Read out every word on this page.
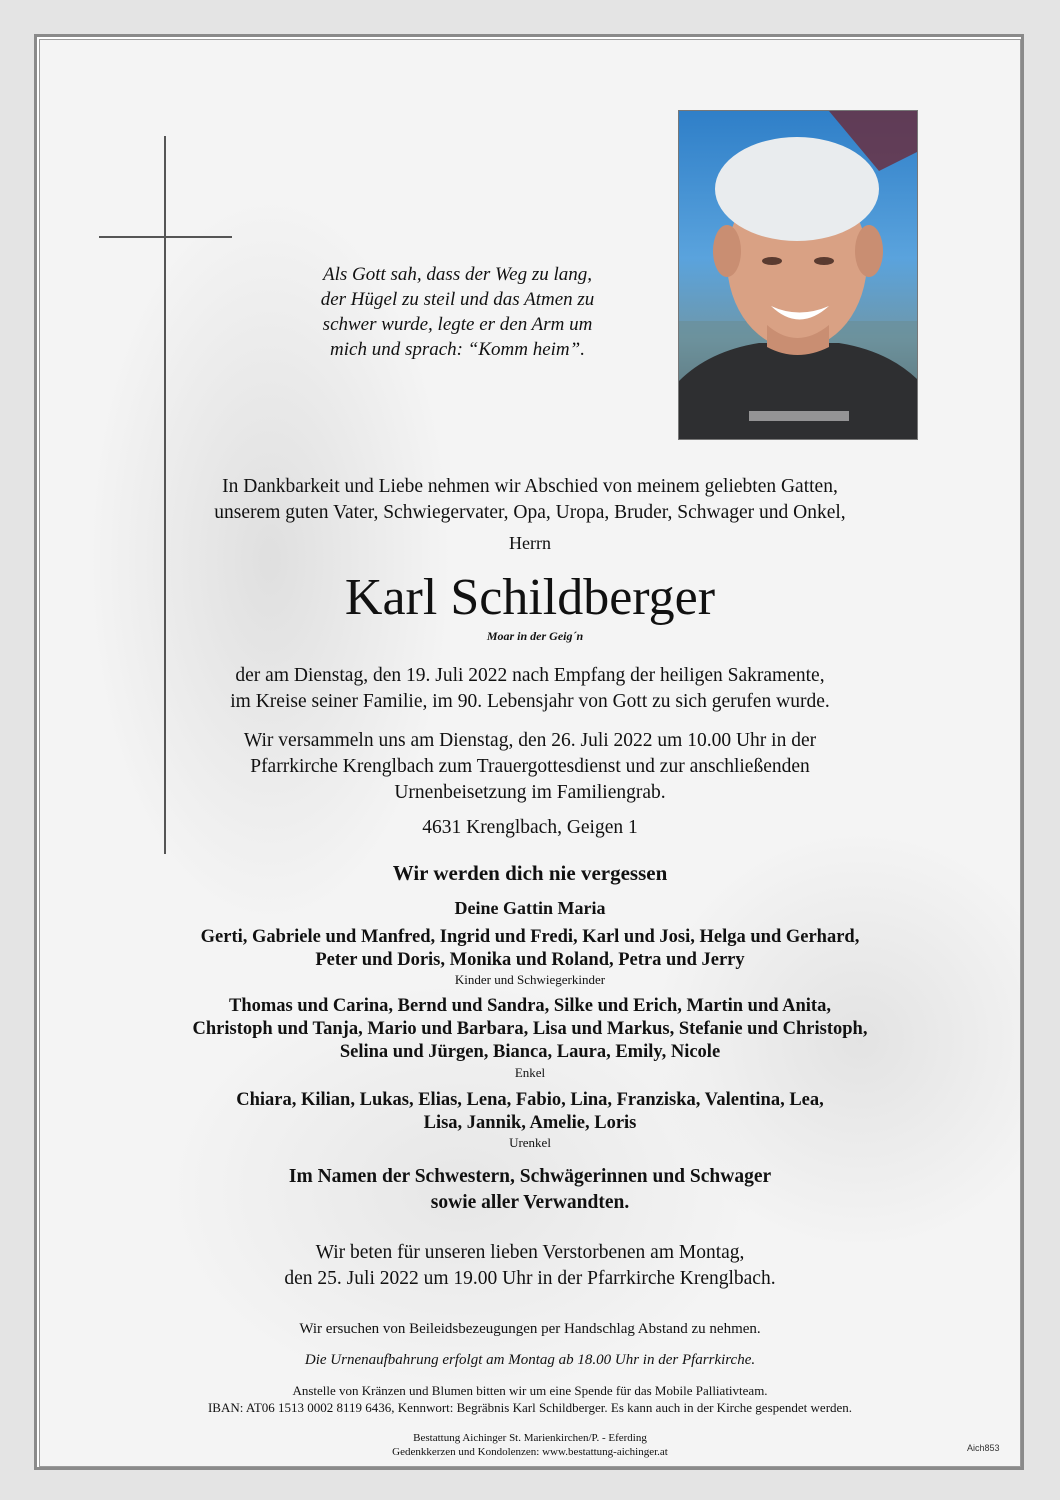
Als Gott sah, dass der Weg zu lang,
der Hügel zu steil und das Atmen zu
schwer wurde, legte er den Arm um
mich und sprach: “Komm heim”.
In Dankbarkeit und Liebe nehmen wir Abschied von meinem geliebten Gatten,
unserem guten Vater, Schwiegervater, Opa, Uropa, Bruder, Schwager und Onkel,
Herrn
Karl Schildberger
Moar in der Geig´n
der am Dienstag, den 19. Juli 2022 nach Empfang der heiligen Sakramente,
im Kreise seiner Familie, im 90. Lebensjahr von Gott zu sich gerufen wurde.
Wir versammeln uns am Dienstag, den 26. Juli 2022 um 10.00 Uhr in der
Pfarrkirche Krenglbach zum Trauergottesdienst und zur anschließenden
Urnenbeisetzung im Familiengrab.
4631 Krenglbach, Geigen 1
Wir werden dich nie vergessen
Deine Gattin Maria
Gerti, Gabriele und Manfred, Ingrid und Fredi, Karl und Josi, Helga und Gerhard,
Peter und Doris, Monika und Roland, Petra und Jerry
Kinder und Schwiegerkinder
Thomas und Carina, Bernd und Sandra, Silke und Erich, Martin und Anita,
Christoph und Tanja, Mario und Barbara, Lisa und Markus, Stefanie und Christoph,
Selina und Jürgen, Bianca, Laura, Emily, Nicole
Enkel
Chiara, Kilian, Lukas, Elias, Lena, Fabio, Lina, Franziska, Valentina, Lea,
Lisa, Jannik, Amelie, Loris
Urenkel
Im Namen der Schwestern, Schwägerinnen und Schwager
sowie aller Verwandten.
Wir beten für unseren lieben Verstorbenen am Montag,
den 25. Juli 2022 um 19.00 Uhr in der Pfarrkirche Krenglbach.
Wir ersuchen von Beileidsbezeugungen per Handschlag Abstand zu nehmen.
Die Urnenaufbahrung erfolgt am Montag ab 18.00 Uhr in der Pfarrkirche.
Anstelle von Kränzen und Blumen bitten wir um eine Spende für das Mobile Palliativteam.
IBAN: AT06 1513 0002 8119 6436, Kennwort: Begräbnis Karl Schildberger. Es kann auch in der Kirche gespendet werden.
Bestattung Aichinger St. Marienkirchen/P. - Eferding
Gedenkkerzen und Kondolenzen: www.bestattung-aichinger.at	Aich853
